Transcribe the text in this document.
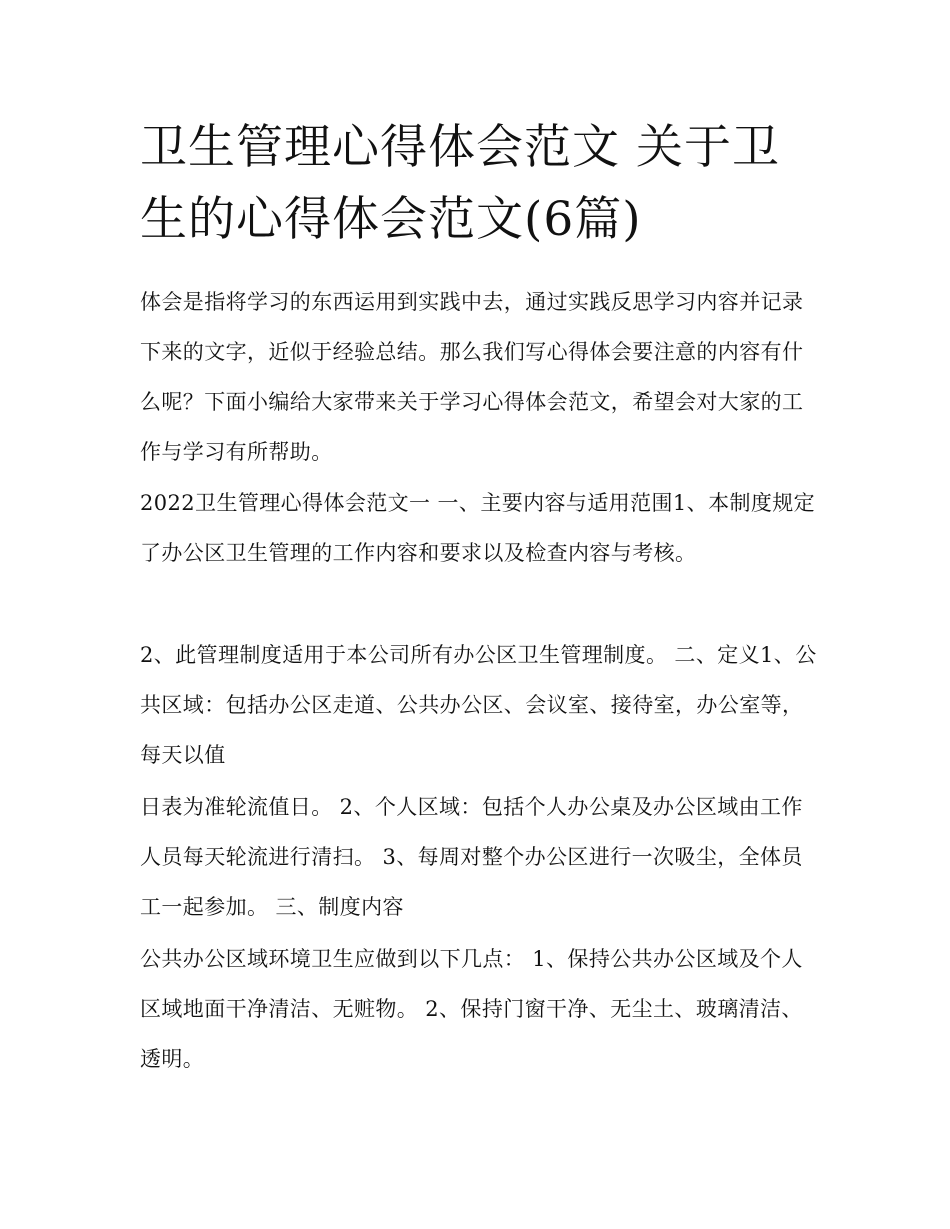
卫生管理心得体会范文 关于卫生的心得体会范文(6篇)

体会是指将学习的东西运用到实践中去，通过实践反思学习内容并记录下来的文字，近似于经验总结。那么我们写心得体会要注意的内容有什么呢？下面小编给大家带来关于学习心得体会范文，希望会对大家的工作与学习有所帮助。

2022卫生管理心得体会范文一 一、主要内容与适用范围1、本制度规定了办公区卫生管理的工作内容和要求以及检查内容与考核。

2、此管理制度适用于本公司所有办公区卫生管理制度。 二、定义1、公共区域：包括办公区走道、公共办公区、会议室、接待室，办公室等，每天以值

日表为准轮流值日。 2、个人区域：包括个人办公桌及办公区域由工作人员每天轮流进行清扫。 3、每周对整个办公区进行一次吸尘，全体员工一起参加。 三、制度内容

公共办公区域环境卫生应做到以下几点： 1、保持公共办公区域及个人区域地面干净清洁、无赃物。 2、保持门窗干净、无尘土、玻璃清洁、透明。
